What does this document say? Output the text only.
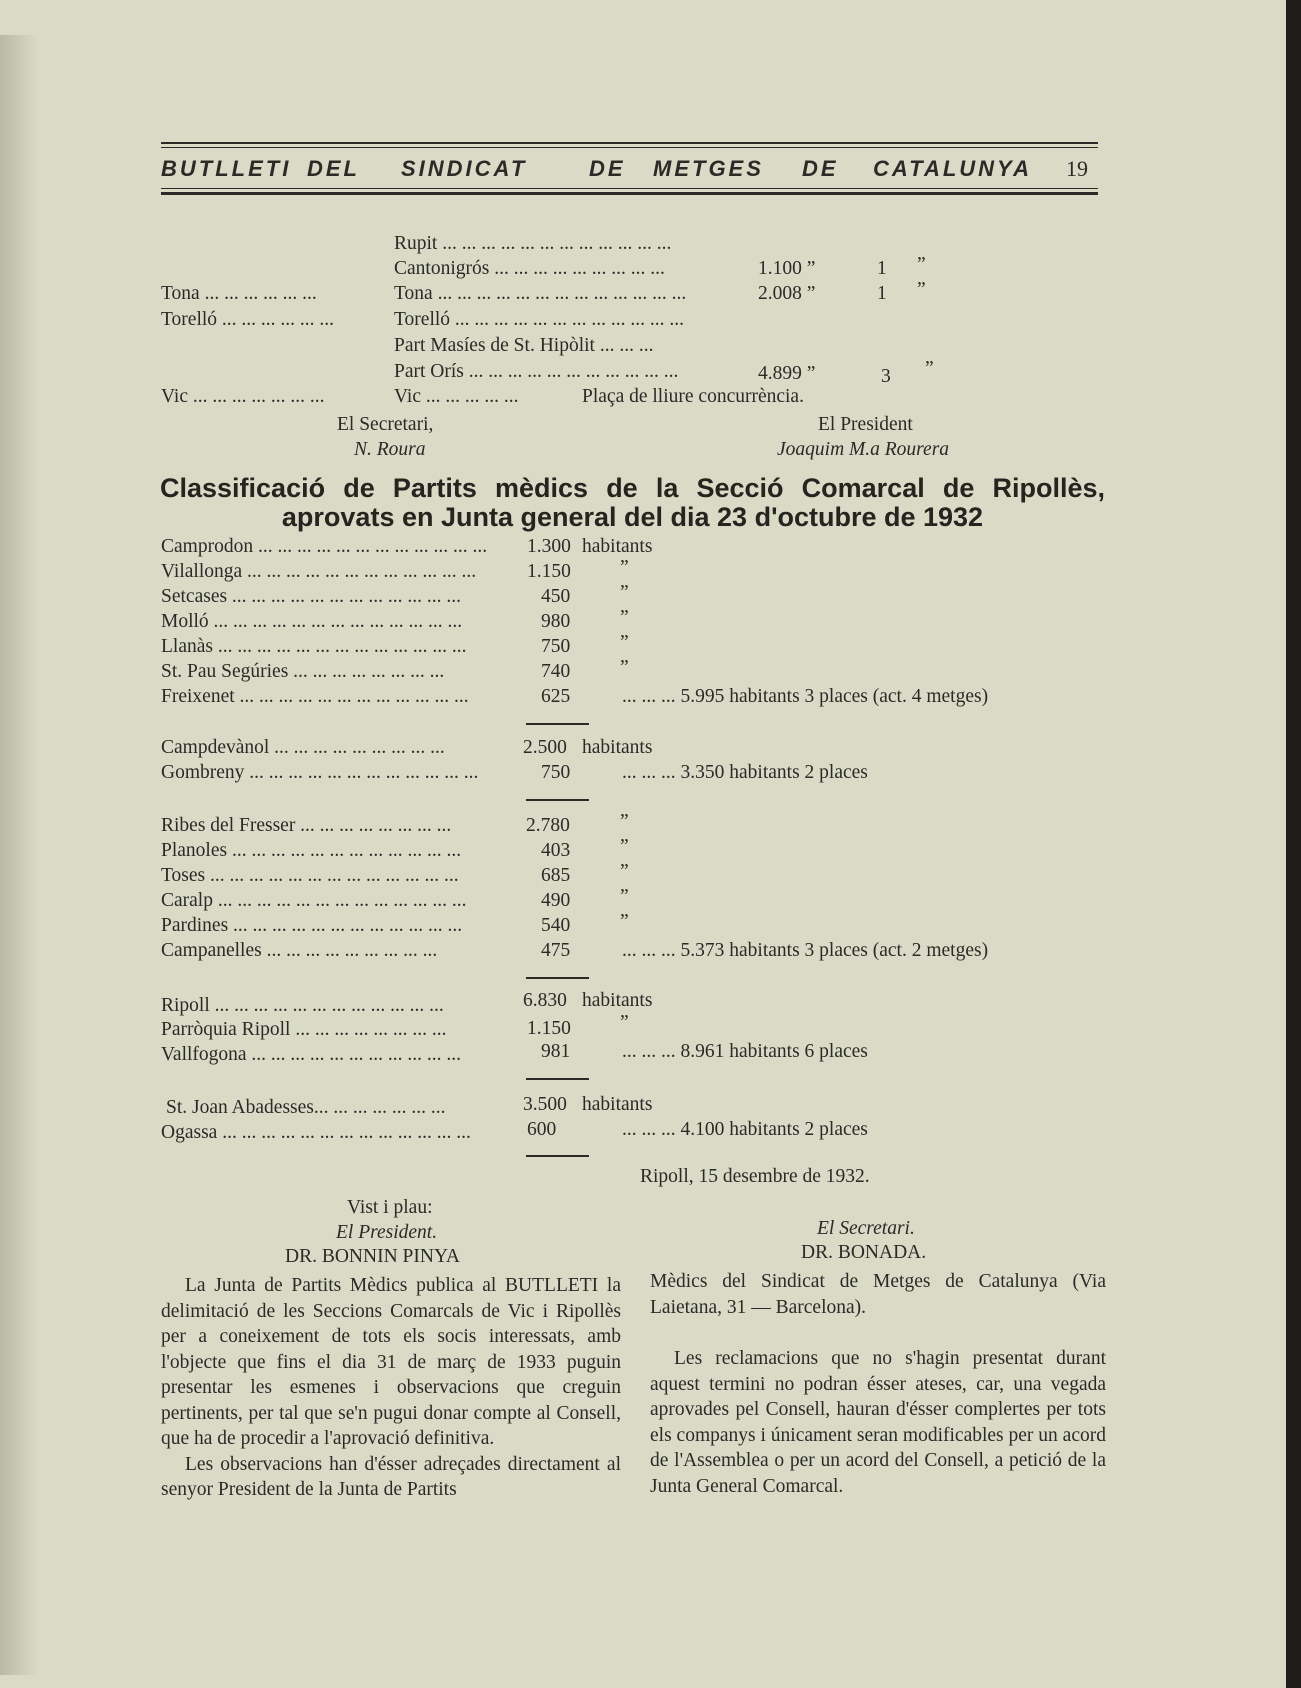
BUTLLETI DEL SINDICAT	DE METGES DE CATALUNYA 19
Rupit ... ... ... ... ... ... ... ... ... ... ... ...
Cantonigrós ... ... ... ... ... ... ... ... ...	1.100 ”	1 ”
Tona ... ... ... ... ... ...	Tona ... ... ... ... ... ... ... ... ... ... ... ... ...	2.008 ”	1 ”
Torelló ... ... ... ... ... ...	Torelló ... ... ... ... ... ... ... ... ... ... ... ...
Part Masíes de St. Hipòlit ... ... ...
Part Orís ... ... ... ... ... ... ... ... ... ... ...	4.899 ”	3 ”
Vic ... ... ... ... ... ... ...	Vic ... ... ... ... ...	Plaça de lliure concurrència.
El Secretari,
N. Roura
El President
Joaquim M.a Rourera
Classificació de Partits mèdics de la Secció Comarcal de Ripollès, aprovats en Junta general del dia 23 d'octubre de 1932
Camprodon ... ... ... ... ... ... ... ... ... ... ... ... 1.300 habitants
Vilallonga ... ... ... ... ... ... ... ... ... ... ... ...	1.150	”
Setcases ... ... ... ... ... ... ... ... ... ... ... ...	450	”
Molló ... ... ... ... ... ... ... ... ... ... ... ... ...	980	”
Llanàs ... ... ... ... ... ... ... ... ... ... ... ... ...	750	”
St. Pau Segúries ... ... ... ... ... ... ... ...	740	”
Freixenet ... ... ... ... ... ... ... ... ... ... ... ...	625	... ... ... 5.995 habitants 3 places (act. 4 metges)
Campdevànol ... ... ... ... ... ... ... ... ...	2.500 habitants
Gombreny ... ... ... ... ... ... ... ... ... ... ... ...	750	... ... ... 3.350 habitants 2 places
Ribes del Fresser ... ... ... ... ... ... ... ...	2.780	”
Planoles ... ... ... ... ... ... ... ... ... ... ... ...	403	”
Toses ... ... ... ... ... ... ... ... ... ... ... ... ...	685	”
Caralp ... ... ... ... ... ... ... ... ... ... ... ... ...	490	”
Pardines ... ... ... ... ... ... ... ... ... ... ... ...	540	”
Campanelles ... ... ... ... ... ... ... ... ...	475	... ... ... 5.373 habitants 3 places (act. 2 metges)
Ripoll ... ... ... ... ... ... ... ... ... ... ... ...	6.830 habitants
Parròquia Ripoll ... ... ... ... ... ... ... ...	1.150	”
Vallfogona ... ... ... ... ... ... ... ... ... ... ...	981	... ... ... 8.961 habitants 6 places
St. Joan Abadesses... ... ... ... ... ... ...	3.500 habitants
Ogassa ... ... ... ... ... ... ... ... ... ... ... ... ...	600	... ... ... 4.100 habitants 2 places
Ripoll, 15 desembre de 1932.
Vist i plau:
El President.
DR. BONNIN PINYA
El Secretari.
DR. BONADA.

La Junta de Partits Mèdics publica al BUTLLETI la delimitació de les Seccions Comarcals de Vic i Ripollès per a coneixement de tots els socis interessats, amb l'objecte que fins el dia 31 de març de 1933 puguin presentar les esmenes i observacions que creguin pertinents, per tal que se'n pugui donar compte al Consell, que ha de procedir a l'aprovació definitiva.

Les observacions han d'ésser adreçades directament al senyor President de la Junta de Partits

Mèdics del Sindicat de Metges de Catalunya (Via Laietana, 31 — Barcelona).

Les reclamacions que no s'hagin presentat durant aquest termini no podran ésser ateses, car, una vegada aprovades pel Consell, hauran d'ésser complertes per tots els companys i únicament seran modificables per un acord de l'Assemblea o per un acord del Consell, a petició de la Junta General Comarcal.
